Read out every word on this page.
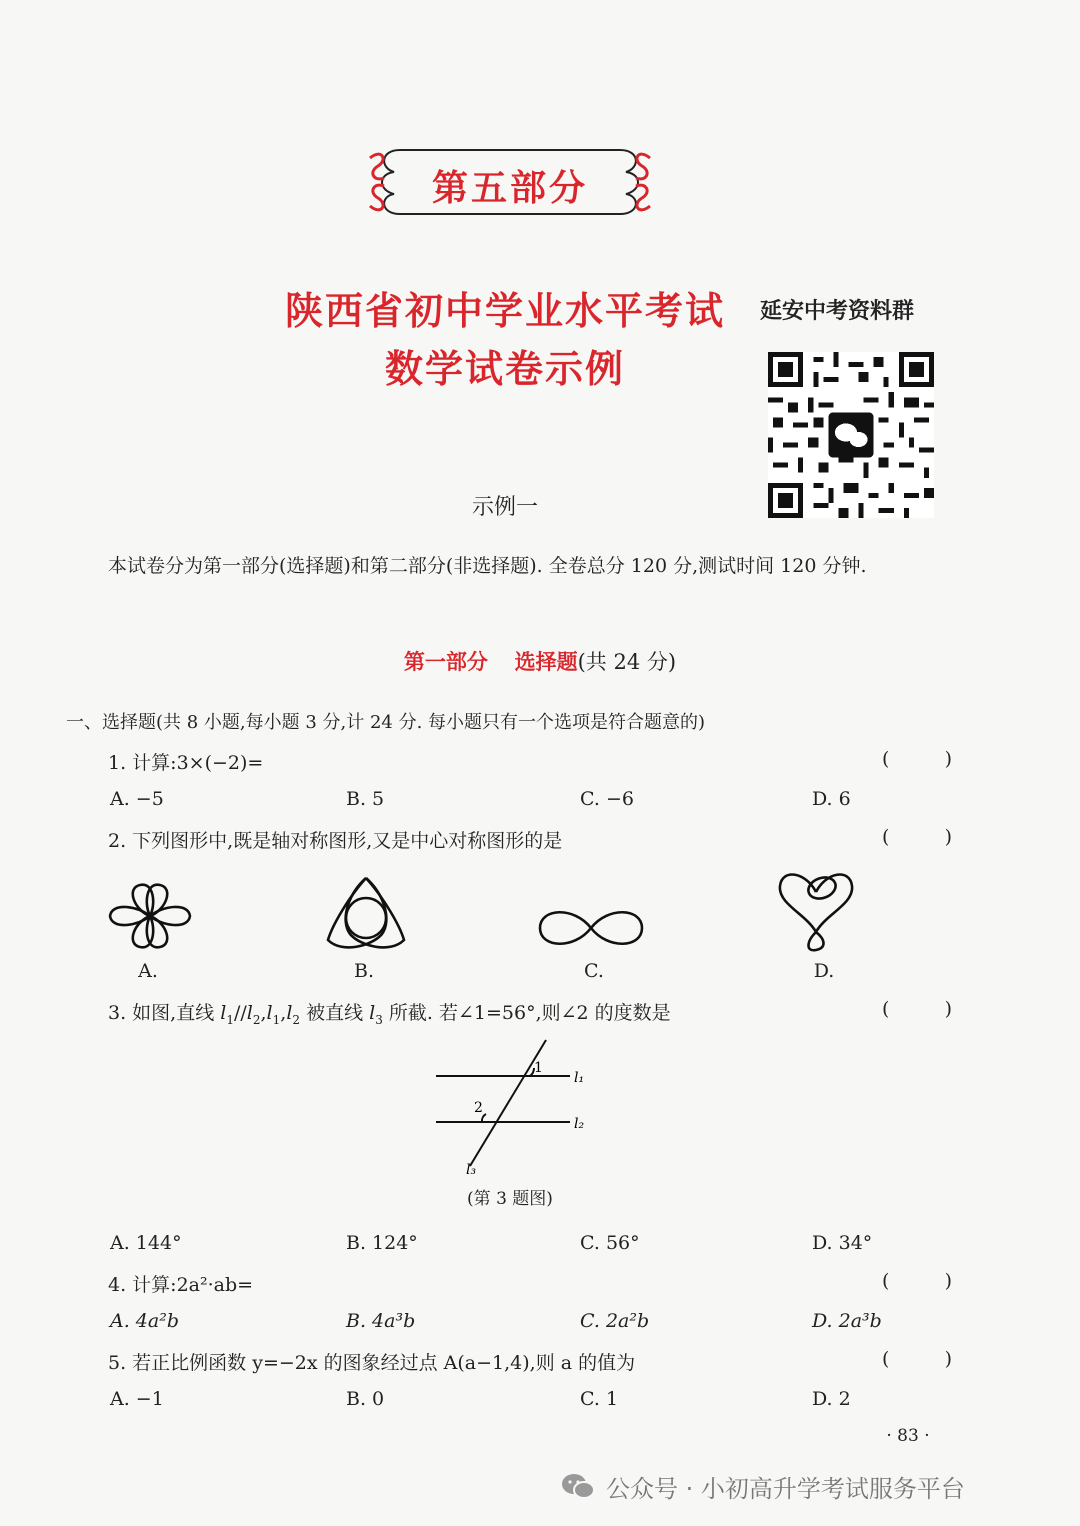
第五部分
陕西省初中学业水平考试
数学试卷示例
延安中考资料群
示例一
本试卷分为第一部分(选择题)和第二部分(非选择题). 全卷总分 120 分,测试时间 120 分钟.
第一部分 选择题(共 24 分)
一、选择题(共 8 小题,每小题 3 分,计 24 分. 每小题只有一个选项是符合题意的)
1. 计算:3×(−2)=	(	)
A. −5	B. 5	C. −6	D. 6
2. 下列图形中,既是轴对称图形,又是中心对称图形的是	(	)
A.	B.	C.	D.
3. 如图,直线 $l_1//l_2,l_1,l_2$ 被直线 $l_3$ 所截. 若∠1=56°,则∠2 的度数是	(	)
1
2
l₁
l₂
l₃
(第 3 题图)
A. 144°	B. 124°	C. 56°	D. 34°
4. 计算:2a²·ab=	(	)
A. 4a²b	B. 4a³b	C. 2a²b	D. 2a³b
5. 若正比例函数 y=−2x 的图象经过点 A(a−1,4),则 a 的值为	(	)
A. −1	B. 0	C. 1	D. 2
· 83 ·
公众号 · 小初高升学考试服务平台
